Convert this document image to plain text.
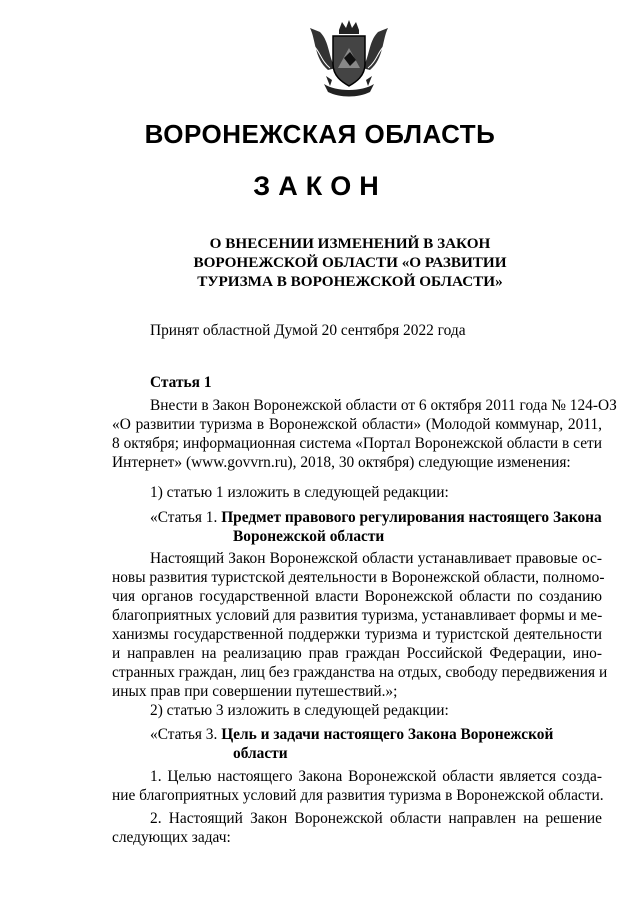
ВОРОНЕЖСКАЯ ОБЛАСТЬ
ЗАКОН
О ВНЕСЕНИИ ИЗМЕНЕНИЙ В ЗАКОН
ВОРОНЕЖСКОЙ ОБЛАСТИ «О РАЗВИТИИ
ТУРИЗМА В ВОРОНЕЖСКОЙ ОБЛАСТИ»
Принят областной Думой 20 сентября 2022 года
Статья 1
Внести в Закон Воронежской области от 6 октября 2011 года № 124-ОЗ
«О развитии туризма в Воронежской области» (Молодой коммунар, 2011,
8 октября; информационная система «Портал Воронежской области в сети
Интернет» (www.govvrn.ru), 2018, 30 октября) следующие изменения:
1) статью 1 изложить в следующей редакции:
«Статья 1. Предмет правового регулирования настоящего Закона
Воронежской области
Настоящий Закон Воронежской области устанавливает правовые ос-
новы развития туристской деятельности в Воронежской области, полномо-
чия органов государственной власти Воронежской области по созданию
благоприятных условий для развития туризма, устанавливает формы и ме-
ханизмы государственной поддержки туризма и туристской деятельности
и направлен на реализацию прав граждан Российской Федерации, ино-
странных граждан, лиц без гражданства на отдых, свободу передвижения и
иных прав при совершении путешествий.»;
2) статью 3 изложить в следующей редакции:
«Статья 3. Цель и задачи настоящего Закона Воронежской
области
1. Целью настоящего Закона Воронежской области является созда-
ние благоприятных условий для развития туризма в Воронежской области.
2. Настоящий Закон Воронежской области направлен на решение
следующих задач:
